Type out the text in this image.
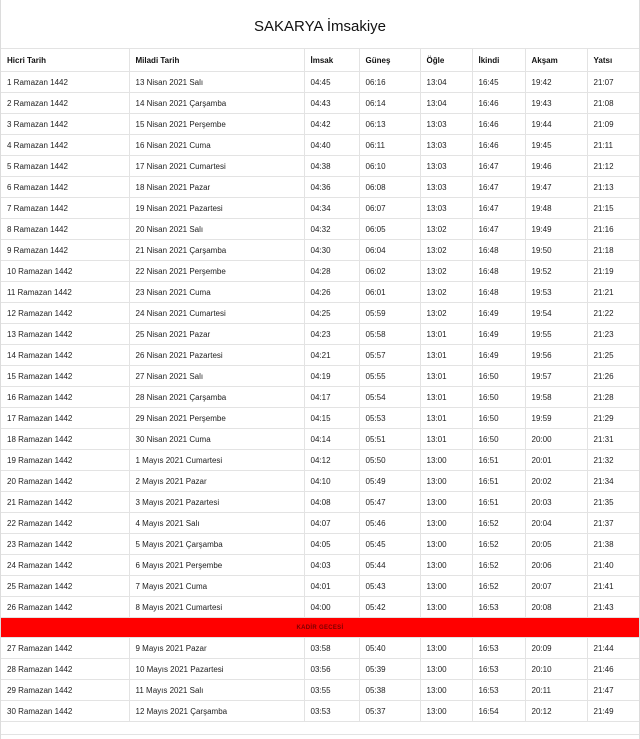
SAKARYA İmsakiye
Hicri Tarih	Miladi Tarih	İmsak	Güneş	Öğle	İkindi	Akşam	Yatsı
1 Ramazan 1442	13 Nisan 2021 Salı	04:45	06:16	13:04	16:45	19:42	21:07
2 Ramazan 1442	14 Nisan 2021 Çarşamba	04:43	06:14	13:04	16:46	19:43	21:08
3 Ramazan 1442	15 Nisan 2021 Perşembe	04:42	06:13	13:03	16:46	19:44	21:09
4 Ramazan 1442	16 Nisan 2021 Cuma	04:40	06:11	13:03	16:46	19:45	21:11
5 Ramazan 1442	17 Nisan 2021 Cumartesi	04:38	06:10	13:03	16:47	19:46	21:12
6 Ramazan 1442	18 Nisan 2021 Pazar	04:36	06:08	13:03	16:47	19:47	21:13
7 Ramazan 1442	19 Nisan 2021 Pazartesi	04:34	06:07	13:03	16:47	19:48	21:15
8 Ramazan 1442	20 Nisan 2021 Salı	04:32	06:05	13:02	16:47	19:49	21:16
9 Ramazan 1442	21 Nisan 2021 Çarşamba	04:30	06:04	13:02	16:48	19:50	21:18
10 Ramazan 1442	22 Nisan 2021 Perşembe	04:28	06:02	13:02	16:48	19:52	21:19
11 Ramazan 1442	23 Nisan 2021 Cuma	04:26	06:01	13:02	16:48	19:53	21:21
12 Ramazan 1442	24 Nisan 2021 Cumartesi	04:25	05:59	13:02	16:49	19:54	21:22
13 Ramazan 1442	25 Nisan 2021 Pazar	04:23	05:58	13:01	16:49	19:55	21:23
14 Ramazan 1442	26 Nisan 2021 Pazartesi	04:21	05:57	13:01	16:49	19:56	21:25
15 Ramazan 1442	27 Nisan 2021 Salı	04:19	05:55	13:01	16:50	19:57	21:26
16 Ramazan 1442	28 Nisan 2021 Çarşamba	04:17	05:54	13:01	16:50	19:58	21:28
17 Ramazan 1442	29 Nisan 2021 Perşembe	04:15	05:53	13:01	16:50	19:59	21:29
18 Ramazan 1442	30 Nisan 2021 Cuma	04:14	05:51	13:01	16:50	20:00	21:31
19 Ramazan 1442	1 Mayıs 2021 Cumartesi	04:12	05:50	13:00	16:51	20:01	21:32
20 Ramazan 1442	2 Mayıs 2021 Pazar	04:10	05:49	13:00	16:51	20:02	21:34
21 Ramazan 1442	3 Mayıs 2021 Pazartesi	04:08	05:47	13:00	16:51	20:03	21:35
22 Ramazan 1442	4 Mayıs 2021 Salı	04:07	05:46	13:00	16:52	20:04	21:37
23 Ramazan 1442	5 Mayıs 2021 Çarşamba	04:05	05:45	13:00	16:52	20:05	21:38
24 Ramazan 1442	6 Mayıs 2021 Perşembe	04:03	05:44	13:00	16:52	20:06	21:40
25 Ramazan 1442	7 Mayıs 2021 Cuma	04:01	05:43	13:00	16:52	20:07	21:41
26 Ramazan 1442	8 Mayıs 2021 Cumartesi	04:00	05:42	13:00	16:53	20:08	21:43
KADİR GECESİ							
27 Ramazan 1442	9 Mayıs 2021 Pazar	03:58	05:40	13:00	16:53	20:09	21:44
28 Ramazan 1442	10 Mayıs 2021 Pazartesi	03:56	05:39	13:00	16:53	20:10	21:46
29 Ramazan 1442	11 Mayıs 2021 Salı	03:55	05:38	13:00	16:53	20:11	21:47
30 Ramazan 1442	12 Mayıs 2021 Çarşamba	03:53	05:37	13:00	16:54	20:12	21:49
